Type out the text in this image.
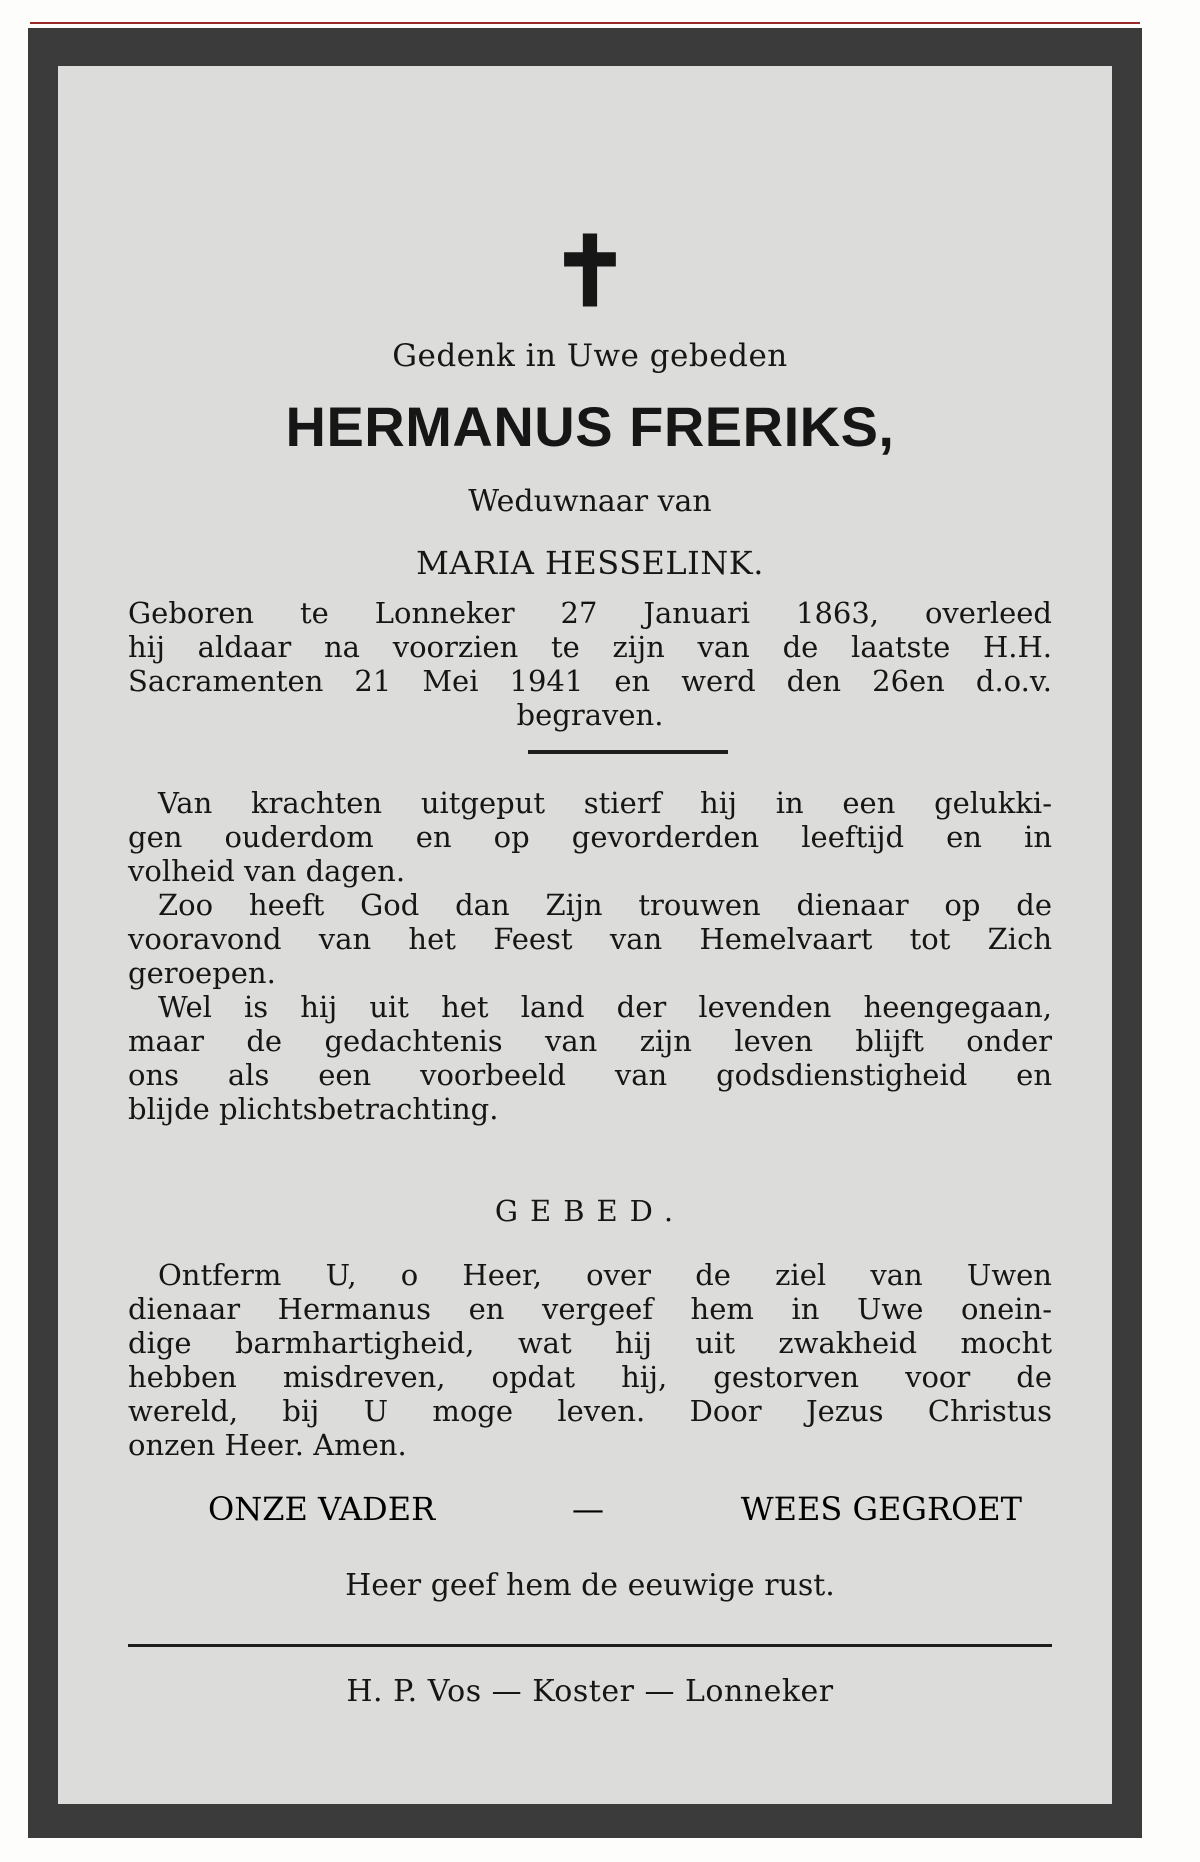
✝
Gedenk in Uwe gebeden
HERMANUS FRERIKS,
Weduwnaar van
MARIA HESSELINK.
Geboren te Lonneker 27 Januari 1863, overleed
hij aldaar na voorzien te zijn van de laatste H.H.
Sacramenten 21 Mei 1941 en werd den 26en d.o.v.
begraven.
Van krachten uitgeput stierf hij in een gelukki-
gen ouderdom en op gevorderden leeftijd en in
volheid van dagen.
Zoo heeft God dan Zijn trouwen dienaar op de
vooravond van het Feest van Hemelvaart tot Zich
geroepen.
Wel is hij uit het land der levenden heengegaan,
maar de gedachtenis van zijn leven blijft onder
ons als een voorbeeld van godsdienstigheid en
blijde plichtsbetrachting.
GEBED.
Ontferm U, o Heer, over de ziel van Uwen
dienaar Hermanus en vergeef hem in Uwe onein-
dige barmhartigheid, wat hij uit zwakheid mocht
hebben misdreven, opdat hij, gestorven voor de
wereld, bij U moge leven. Door Jezus Christus
onzen Heer. Amen.
Heer geef hem de eeuwige rust.
H. P. Vos — Koster — Lonneker
ONZE VADER	—	WEES GEGROET
